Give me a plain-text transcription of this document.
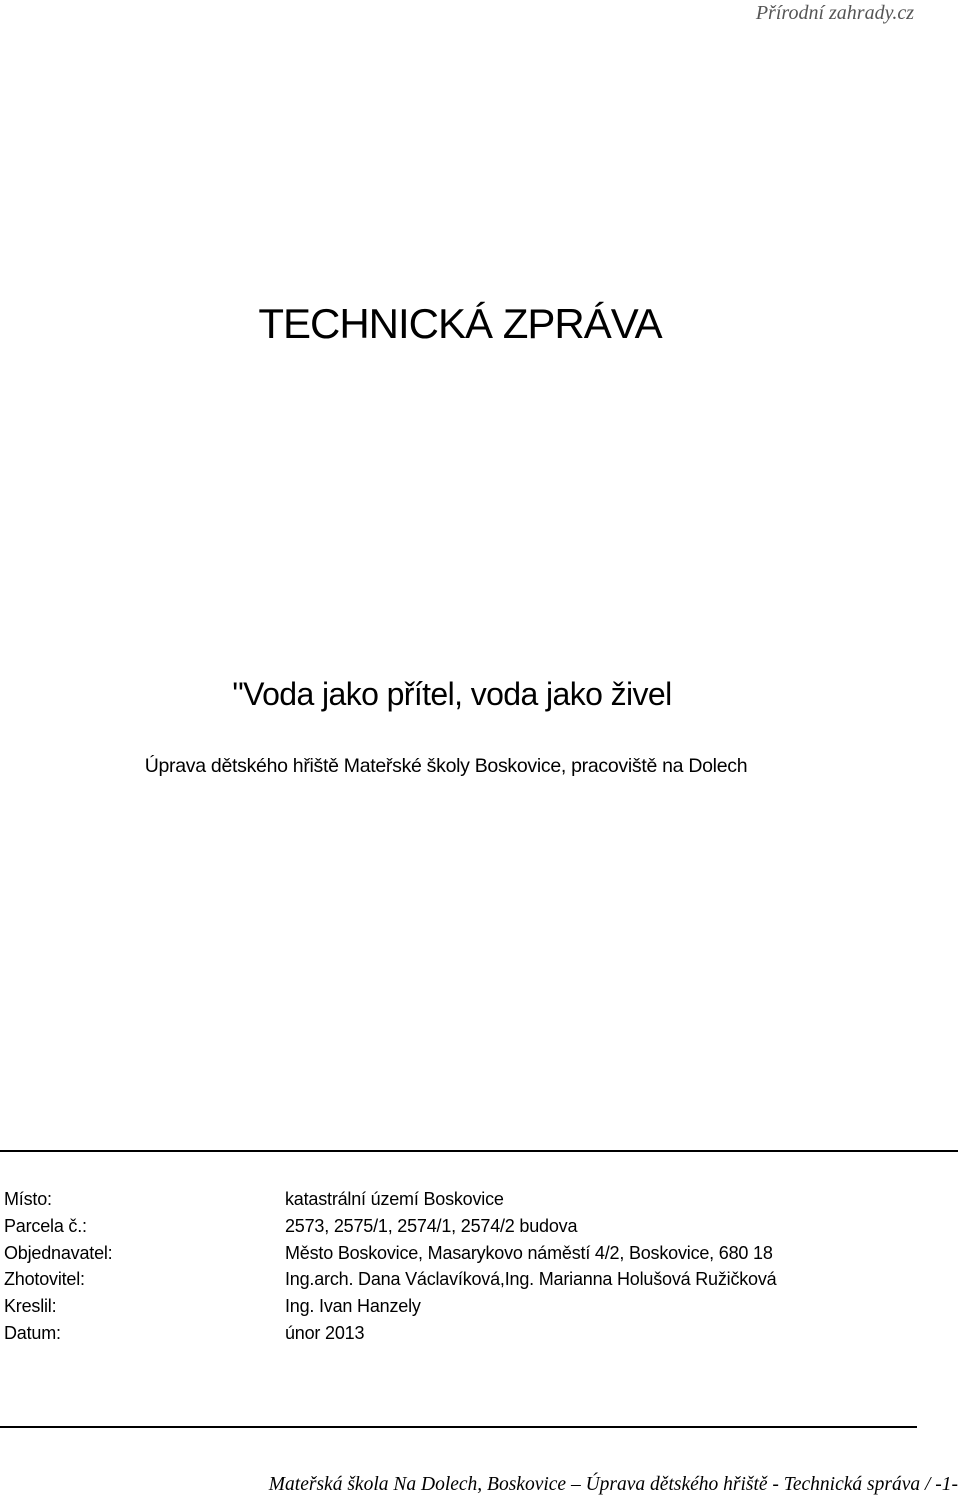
Přírodní zahrady.cz
TECHNICKÁ ZPRÁVA
"Voda jako přítel, voda jako živel
Úprava dětského hřiště Mateřské školy Boskovice, pracoviště na Dolech
Místo:	katastrální území Boskovice
Parcela č.:	2573, 2575/1, 2574/1, 2574/2 budova
Objednavatel:	Město Boskovice, Masarykovo náměstí 4/2, Boskovice, 680 18
Zhotovitel:	Ing.arch. Dana Václavíková,Ing. Marianna Holušová Ružičková
Kreslil:	Ing. Ivan Hanzely
Datum:	únor 2013
Mateřská škola Na Dolech, Boskovice – Úprava dětského hřiště - Technická správa / -1-
